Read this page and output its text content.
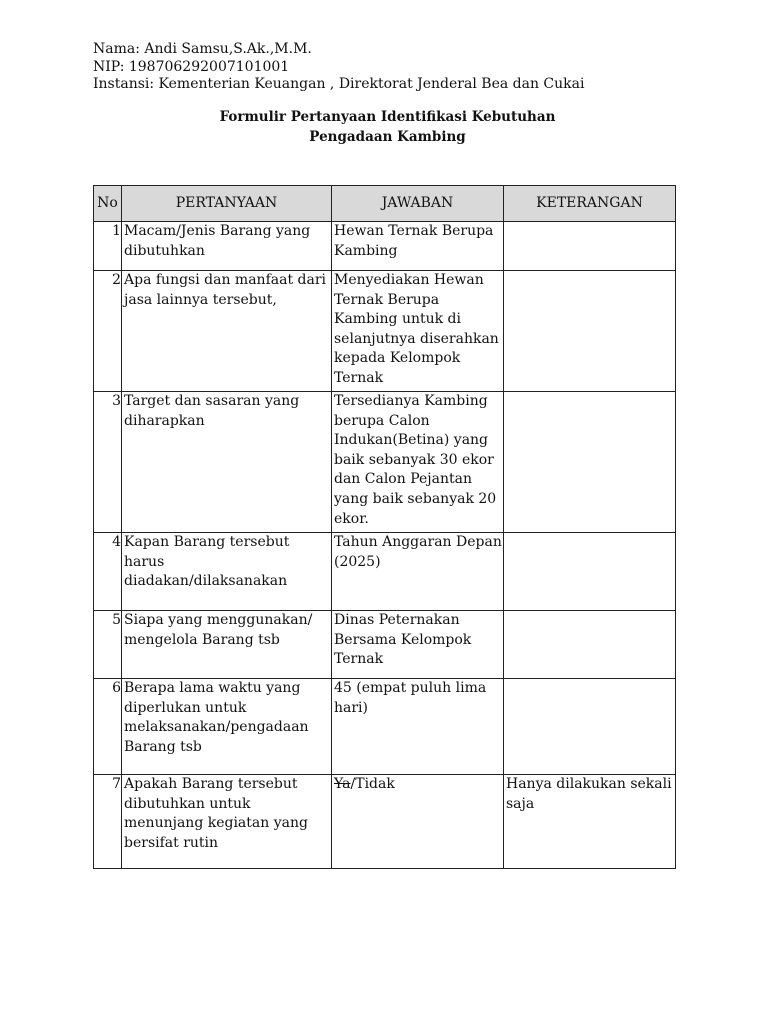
Nama: Andi Samsu,S.Ak.,M.M.
NIP: 198706292007101001
Instansi: Kementerian Keuangan , Direktorat Jenderal Bea dan Cukai
Formulir Pertanyaan Identifikasi Kebutuhan
Pengadaan Kambing
No	PERTANYAAN	JAWABAN	KETERANGAN
1	Macam/Jenis Barang yang dibutuhkan	Hewan Ternak Berupa Kambing	
2	Apa fungsi dan manfaat dari jasa lainnya tersebut,	Menyediakan Hewan Ternak Berupa Kambing untuk di selanjutnya diserahkan kepada Kelompok Ternak	
3	Target dan sasaran yang diharapkan	Tersedianya Kambing berupa Calon Indukan(Betina) yang baik sebanyak 30 ekor dan Calon Pejantan yang baik sebanyak 20 ekor.	
4	Kapan Barang tersebut harus diadakan/dilaksanakan	Tahun Anggaran Depan (2025)	
5	Siapa yang menggunakan/ mengelola Barang tsb	Dinas Peternakan Bersama Kelompok Ternak	
6	Berapa lama waktu yang diperlukan untuk melaksanakan/pengadaan Barang tsb	45 (empat puluh lima hari)	
7	Apakah Barang tersebut dibutuhkan untuk menunjang kegiatan yang bersifat rutin	Ya/Tidak	Hanya dilakukan sekali saja
